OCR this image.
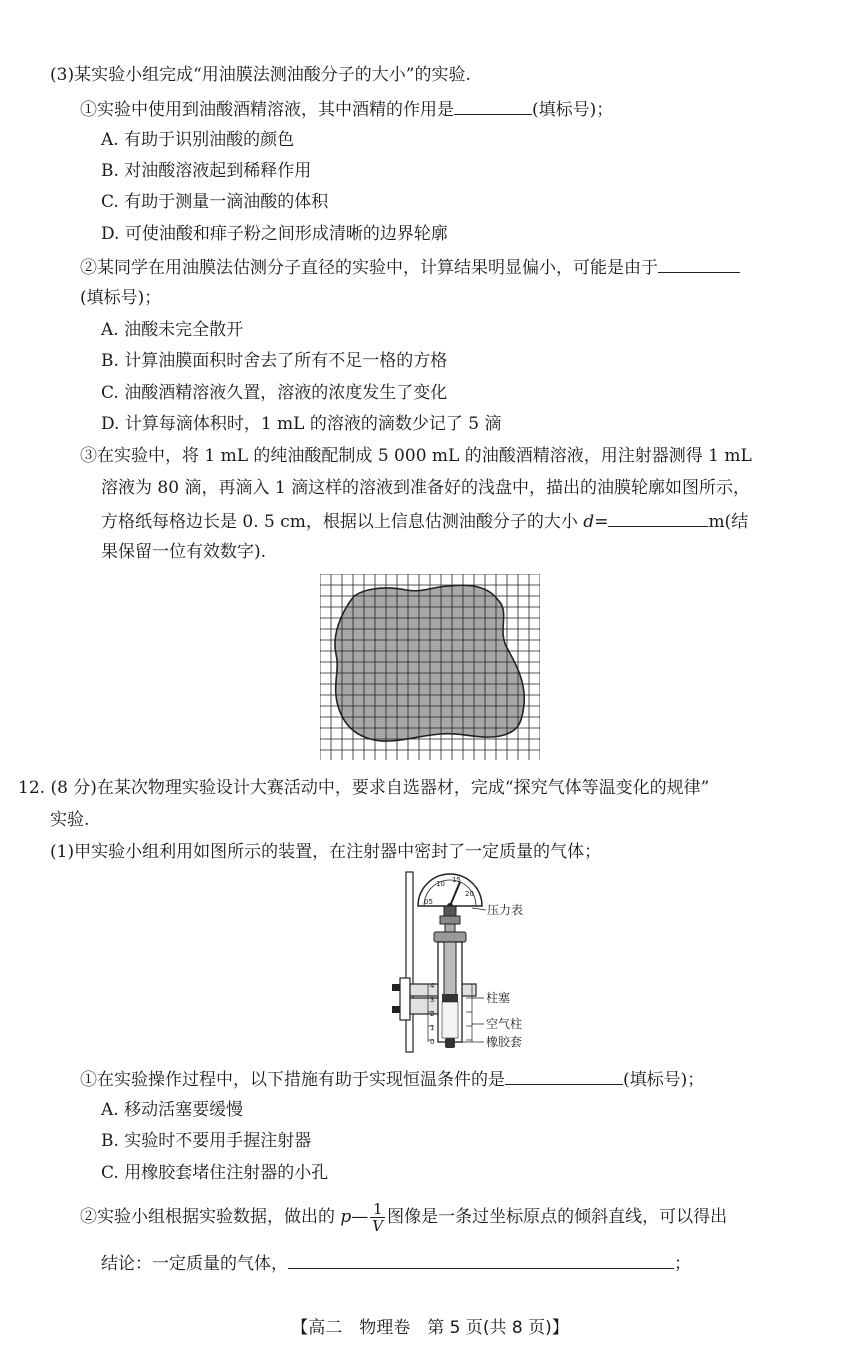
(3)某实验小组完成“用油膜法测油酸分子的大小”的实验.
①实验中使用到油酸酒精溶液，其中酒精的作用是	(填标号)；
A. 有助于识别油酸的颜色
B. 对油酸溶液起到稀释作用
C. 有助于测量一滴油酸的体积
D. 可使油酸和痱子粉之间形成清晰的边界轮廓
②某同学在用油膜法估测分子直径的实验中，计算结果明显偏小，可能是由于
(填标号)；
A. 油酸未完全散开
B. 计算油膜面积时舍去了所有不足一格的方格
C. 油酸酒精溶液久置，溶液的浓度发生了变化
D. 计算每滴体积时，1 mL 的溶液的滴数少记了 5 滴
③在实验中，将 1 mL 的纯油酸配制成 5 000 mL 的油酸酒精溶液，用注射器测得 1 mL
溶液为 80 滴，再滴入 1 滴这样的溶液到准备好的浅盘中，描出的油膜轮廓如图所示，
方格纸每格边长是 0. 5 cm，根据以上信息估测油酸分子的大小 d=	m(结
果保留一位有效数字).
12. (8 分)在某次物理实验设计大赛活动中，要求自选器材，完成“探究气体等温变化的规律”
实验.
(1)甲实验小组利用如图所示的装置，在注射器中密封了一定质量的气体；
05
10 15
20
4
3
2
1
0
压力表
柱塞
空气柱
橡胶套
①在实验操作过程中，以下措施有助于实现恒温条件的是	(填标号)；
A. 移动活塞要缓慢
B. 实验时不要用手握注射器
C. 用橡胶套堵住注射器的小孔
②实验小组根据实验数据，做出的 p— $\frac{1}{V}$ 图像是一条过坐标原点的倾斜直线，可以得出
结论：一定质量的气体，	；
【高二　物理卷　第 5 页(共 8 页)】
